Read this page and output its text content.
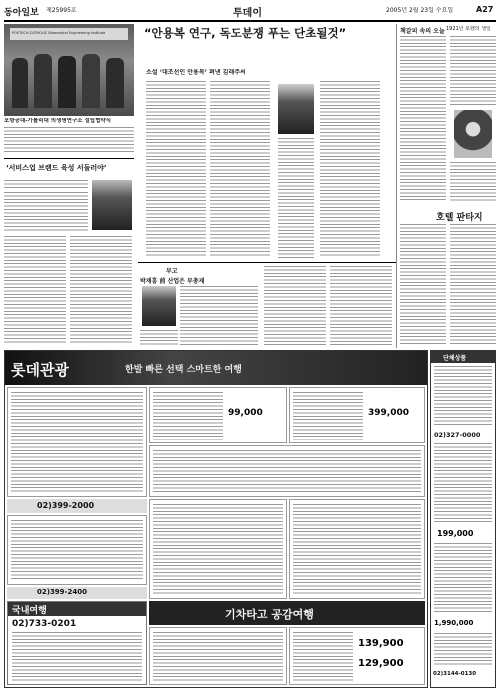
동아일보 제25995호	투데이	2005년 2월 23일 수요일	A27
POSTECH-CATHOLIC Biomedical Engineering Institute
포항공대-가톨릭대 의생명연구소 설립협약식
“안용복 연구, 독도분쟁 푸는 단초될것”
소설 ‘대조선인 안용복’ 펴낸 김래주씨
책갈피 속의 오늘 1921년 로렌의 생일
호텔 판타지
‘서비스업 브랜드 육성 서둘러야’
부고
박재흥 前 산업은 부총재
롯데관광	한발 빠른 선택 스마트한 여행
99,000	399,000
02)399-2000
02)399-2400
국내여행
02)733-0201
기차타고 공감여행
139,900
129,900
단체상품
02)327-0000
199,000
1,990,000
02)3144-0130
